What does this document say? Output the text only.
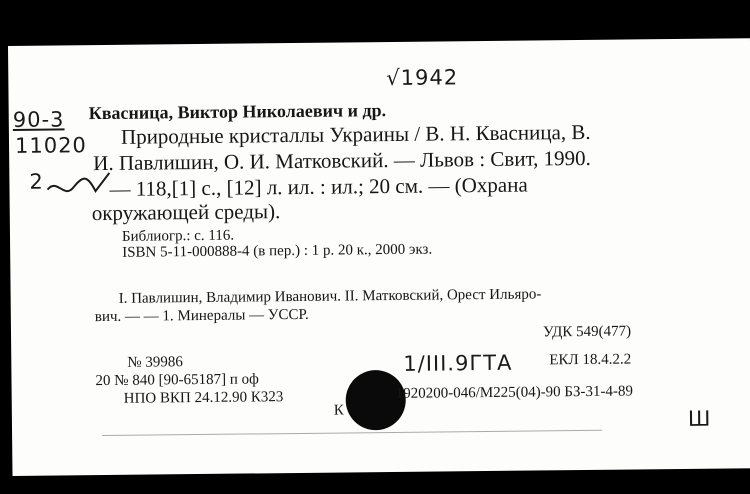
√1942
90-3
11020
2
1/III.9ГТА
Ш
Квасница, Виктор Николаевич и др.
Природные кристаллы Украины / В. Н. Квасница, В.
И. Павлишин, О. И. Матковский. — Львов : Свит, 1990.
— 118,[1] с., [12] л. ил. : ил.; 20 см. — (Охрана
окружающей среды).
Библиогр.: с. 116.
ISBN 5-11-000888-4 (в пер.) : 1 р. 20 к., 2000 экз.
I. Павлишин, Владимир Иванович. II. Матковский, Орест Ильяро-
вич. — — 1. Минералы — УССР.
УДК 549(477)
№ 39986	ЕКЛ 18.4.2.2
20 № 840 [90-65187] п оф
НПО ВКП 24.12.90 К323
К
1920200-046/М225(04)-90 БЗ-31-4-89
